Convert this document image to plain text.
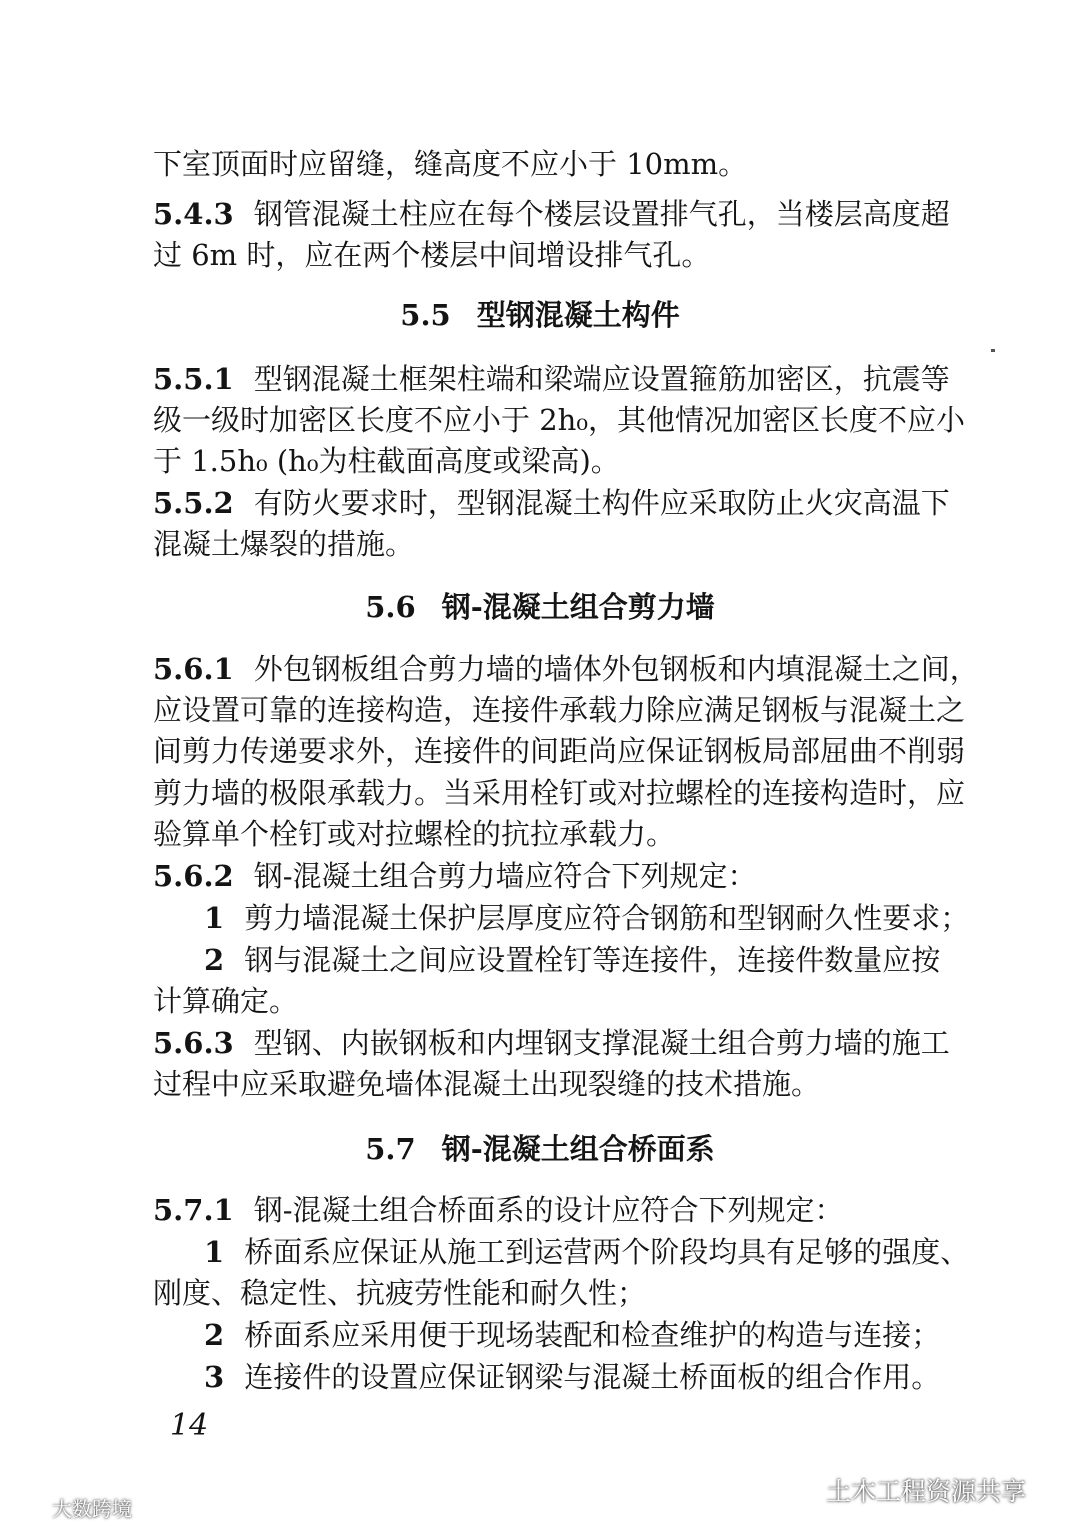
下室顶面时应留缝，缝高度不应小于 10mm。
5.4.3 钢管混凝土柱应在每个楼层设置排气孔，当楼层高度超
过 6m 时，应在两个楼层中间增设排气孔。
5.5 型钢混凝土构件
5.5.1 型钢混凝土框架柱端和梁端应设置箍筋加密区，抗震等
级一级时加密区长度不应小于 2h₀，其他情况加密区长度不应小
于 1.5h₀ (h₀为柱截面高度或梁高)。
5.5.2 有防火要求时，型钢混凝土构件应采取防止火灾高温下
混凝土爆裂的措施。
5.6 钢-混凝土组合剪力墙
5.6.1 外包钢板组合剪力墙的墙体外包钢板和内填混凝土之间，
应设置可靠的连接构造，连接件承载力除应满足钢板与混凝土之
间剪力传递要求外，连接件的间距尚应保证钢板局部屈曲不削弱
剪力墙的极限承载力。当采用栓钉或对拉螺栓的连接构造时，应
验算单个栓钉或对拉螺栓的抗拉承载力。
5.6.2 钢-混凝土组合剪力墙应符合下列规定：
1 剪力墙混凝土保护层厚度应符合钢筋和型钢耐久性要求；
2 钢与混凝土之间应设置栓钉等连接件，连接件数量应按
计算确定。
5.6.3 型钢、内嵌钢板和内埋钢支撑混凝土组合剪力墙的施工
过程中应采取避免墙体混凝土出现裂缝的技术措施。
5.7 钢-混凝土组合桥面系
5.7.1 钢-混凝土组合桥面系的设计应符合下列规定：
1 桥面系应保证从施工到运营两个阶段均具有足够的强度、
刚度、稳定性、抗疲劳性能和耐久性；
2 桥面系应采用便于现场装配和检查维护的构造与连接；
3 连接件的设置应保证钢梁与混凝土桥面板的组合作用。
14
土木工程资源共享
大数跨境
